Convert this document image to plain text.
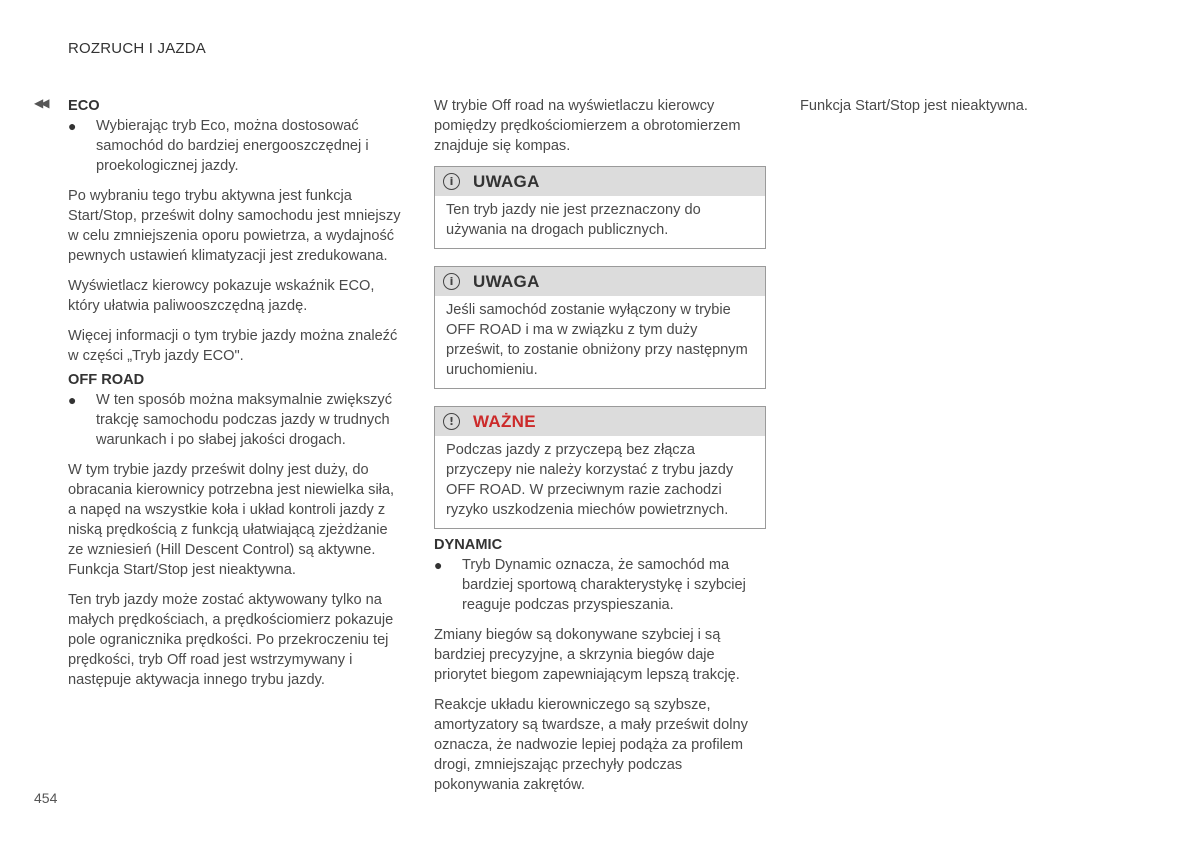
ROZRUCH I JAZDA
◀◀ ECO
● Wybierając tryb Eco, można dostosować samochód do bardziej energooszczędnej i proekologicznej jazdy.

Po wybraniu tego trybu aktywna jest funkcja Start/Stop, prześwit dolny samochodu jest mniejszy w celu zmniejszenia oporu powietrza, a wydajność pewnych ustawień klimatyzacji jest zredukowana.

Wyświetlacz kierowcy pokazuje wskaźnik ECO, który ułatwia paliwooszczędną jazdę.

Więcej informacji o tym trybie jazdy można znaleźć w części „Tryb jazdy ECO".

OFF ROAD
● W ten sposób można maksymalnie zwiększyć trakcję samochodu podczas jazdy w trudnych warunkach i po słabej jakości drogach.

W tym trybie jazdy prześwit dolny jest duży, do obracania kierownicy potrzebna jest niewielka siła, a napęd na wszystkie koła i układ kontroli jazdy z niską prędkością z funkcją ułatwiającą zjeżdżanie ze wzniesień (Hill Descent Control) są aktywne. Funkcja Start/Stop jest nieaktywna.

Ten tryb jazdy może zostać aktywowany tylko na małych prędkościach, a prędkościomierz pokazuje pole ogranicznika prędkości. Po przekroczeniu tej prędkości, tryb Off road jest wstrzymywany i następuje aktywacja innego trybu jazdy.

W trybie Off road na wyświetlaczu kierowcy pomiędzy prędkościomierzem a obrotomierzem znajduje się kompas.

i	UWAGA
Ten tryb jazdy nie jest przeznaczony do używania na drogach publicznych.
i	UWAGA
Jeśli samochód zostanie wyłączony w trybie OFF ROAD i ma w związku z tym duży prześwit, to zostanie obniżony przy następnym uruchomieniu.
!	WAŻNE
Podczas jazdy z przyczepą bez złącza przyczepy nie należy korzystać z trybu jazdy OFF ROAD. W przeciwnym razie zachodzi ryzyko uszkodzenia miechów powietrznych.
DYNAMIC
● Tryb Dynamic oznacza, że samochód ma bardziej sportową charakterystykę i szybciej reaguje podczas przyspieszania.

Zmiany biegów są dokonywane szybciej i są bardziej precyzyjne, a skrzynia biegów daje priorytet biegom zapewniającym lepszą trakcję.

Reakcje układu kierowniczego są szybsze, amortyzatory są twardsze, a mały prześwit dolny oznacza, że nadwozie lepiej podąża za profilem drogi, zmniejszając przechyły podczas pokonywania zakrętów.

Funkcja Start/Stop jest nieaktywna.

454
